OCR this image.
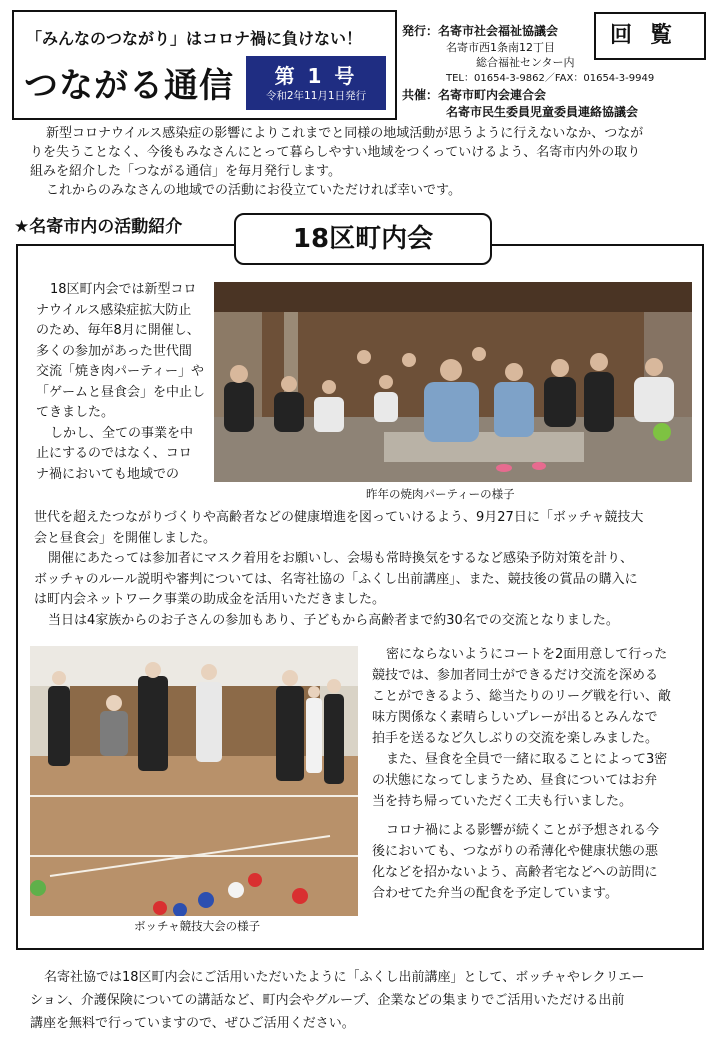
「みんなのつながり」はコロナ禍に負けない！
つながる通信	第 1 号
令和2年11月1日発行
発行：名寄市社会福祉協議会
名寄市西1条南12丁目
総合福祉センター内
TEL：01654-3-9862／FAX：01654-3-9949
共催：名寄市町内会連合会
名寄市民生委員児童委員連絡協議会
回覧
新型コロナウイルス感染症の影響によりこれまでと同様の地域活動が思うように行えないなか、つなが
りを失うことなく、今後もみなさんにとって暮らしやすい地域をつくっていけるよう、名寄市内外の取り
組みを紹介した「つながる通信」を毎月発行します。
これからのみなさんの地域での活動にお役立ていただければ幸いです。
★名寄市内の活動紹介	18区町内会
18区町内会では新型コロ
ナウイルス感染症拡大防止
のため、毎年8月に開催し、
多くの参加があった世代間
交流「焼き肉パーティー」や
「ゲームと昼食会」を中止し
てきました。
しかし、全ての事業を中
止にするのではなく、コロ
ナ禍においても地域での
昨年の焼肉パーティーの様子
世代を超えたつながりづくりや高齢者などの健康増進を図っていけるよう、9月27日に「ボッチャ競技大
会と昼食会」を開催しました。
開催にあたっては参加者にマスク着用をお願いし、会場も常時換気をするなど感染予防対策を計り、
ボッチャのルール説明や審判については、名寄社協の「ふくし出前講座」、また、競技後の賞品の購入に
は町内会ネットワーク事業の助成金を活用いただきました。
当日は4家族からのお子さんの参加もあり、子どもから高齢者まで約30名での交流となりました。
ボッチャ競技大会の様子
密にならないようにコートを2面用意して行った
競技では、参加者同士ができるだけ交流を深める
ことができるよう、総当たりのリーグ戦を行い、敵
味方関係なく素晴らしいプレーが出るとみんなで
拍手を送るなど久しぶりの交流を楽しみました。
また、昼食を全員で一緒に取ることによって3密
の状態になってしまうため、昼食についてはお弁
当を持ち帰っていただく工夫も行いました。
コロナ禍による影響が続くことが予想される今
後においても、つながりの希薄化や健康状態の悪
化などを招かないよう、高齢者宅などへの訪問に
合わせてた弁当の配食を予定しています。
名寄社協では18区町内会にご活用いただいたように「ふくし出前講座」として、ボッチャやレクリエー
ション、介護保険についての講話など、町内会やグループ、企業などの集まりでご活用いただける出前
講座を無料で行っていますので、ぜひご活用ください。
